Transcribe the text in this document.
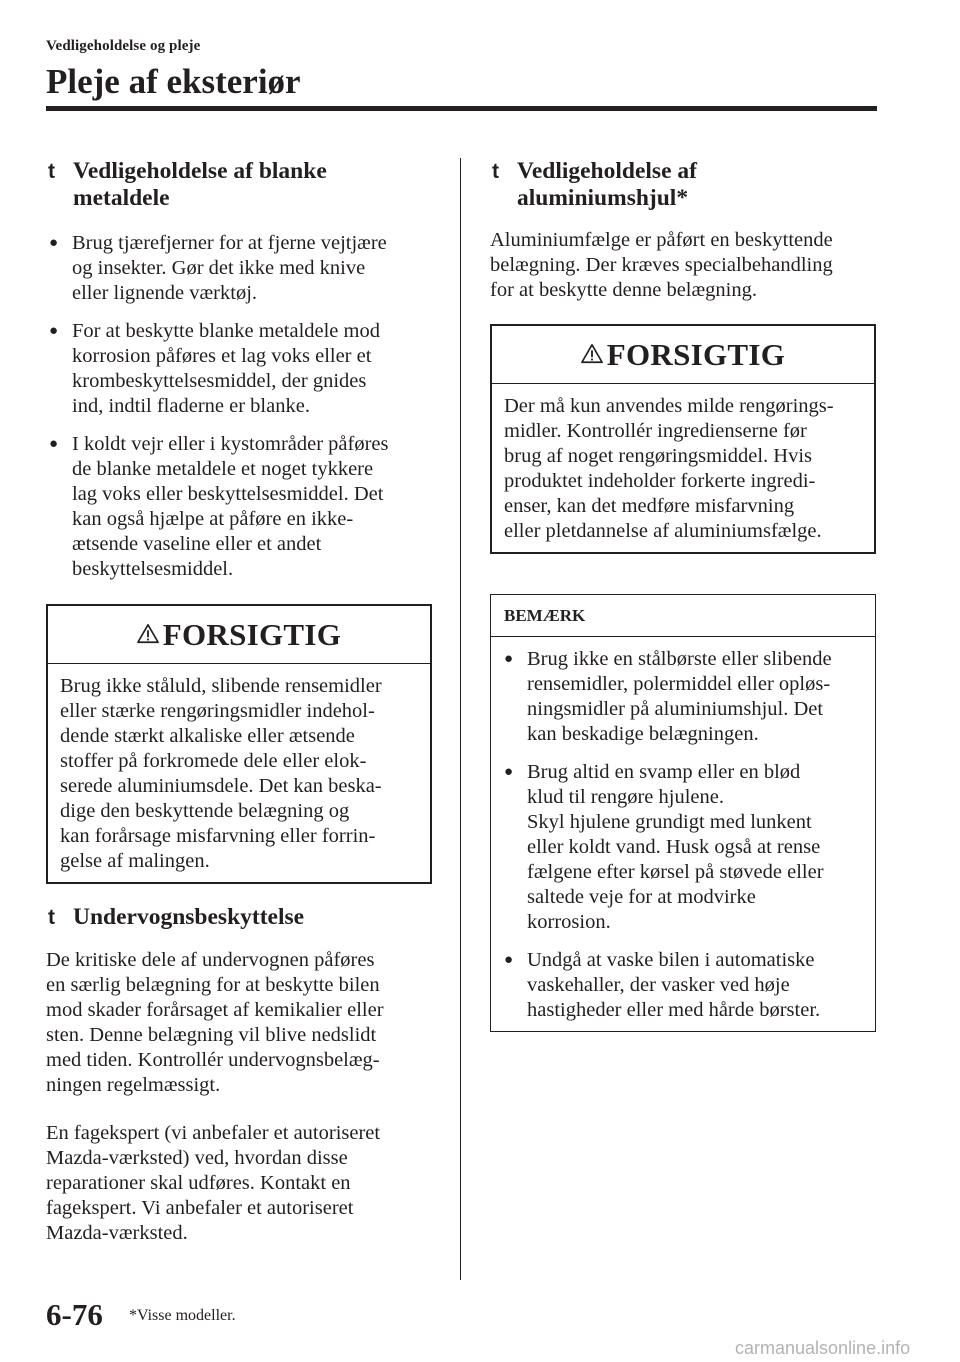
Vedligeholdelse og pleje
Pleje af eksteriør
t Vedligeholdelse af blanke
metaldele
● Brug tjærefjerner for at fjerne vejtjære
og insekter. Gør det ikke med knive
eller lignende værktøj.
● For at beskytte blanke metaldele mod
korrosion påføres et lag voks eller et
krombeskyttelsesmiddel, der gnides
ind, indtil fladerne er blanke.
● I koldt vejr eller i kystområder påføres
de blanke metaldele et noget tykkere
lag voks eller beskyttelsesmiddel. Det
kan også hjælpe at påføre en ikke-
ætsende vaseline eller et andet
beskyttelsesmiddel.
FORSIGTIG
Brug ikke ståluld, slibende rensemidler
eller stærke rengøringsmidler indehol-
dende stærkt alkaliske eller ætsende
stoffer på forkromede dele eller elok-
serede aluminiumsdele. Det kan beska-
dige den beskyttende belægning og
kan forårsage misfarvning eller forrin-
gelse af malingen.
t Undervognsbeskyttelse
De kritiske dele af undervognen påføres
en særlig belægning for at beskytte bilen
mod skader forårsaget af kemikalier eller
sten. Denne belægning vil blive nedslidt
med tiden. Kontrollér undervognsbelæg-
ningen regelmæssigt.
En fagekspert (vi anbefaler et autoriseret
Mazda-værksted) ved, hvordan disse
reparationer skal udføres. Kontakt en
fagekspert. Vi anbefaler et autoriseret
Mazda-værksted.
t Vedligeholdelse af
aluminiumshjul*
Aluminiumfælge er påført en beskyttende
belægning. Der kræves specialbehandling
for at beskytte denne belægning.
FORSIGTIG
Der må kun anvendes milde rengørings-
midler. Kontrollér ingredienserne før
brug af noget rengøringsmiddel. Hvis
produktet indeholder forkerte ingredi-
enser, kan det medføre misfarvning
eller pletdannelse af aluminiumsfælge.
BEMÆRK
● Brug ikke en stålbørste eller slibende
rensemidler, polermiddel eller opløs-
ningsmidler på aluminiumshjul. Det
kan beskadige belægningen.
● Brug altid en svamp eller en blød
klud til rengøre hjulene.
Skyl hjulene grundigt med lunkent
eller koldt vand. Husk også at rense
fælgene efter kørsel på støvede eller
saltede veje for at modvirke
korrosion.
● Undgå at vaske bilen i automatiske
vaskehaller, der vasker ved høje
hastigheder eller med hårde børster.
6-76 *Visse modeller.
carmanualsonline.info
